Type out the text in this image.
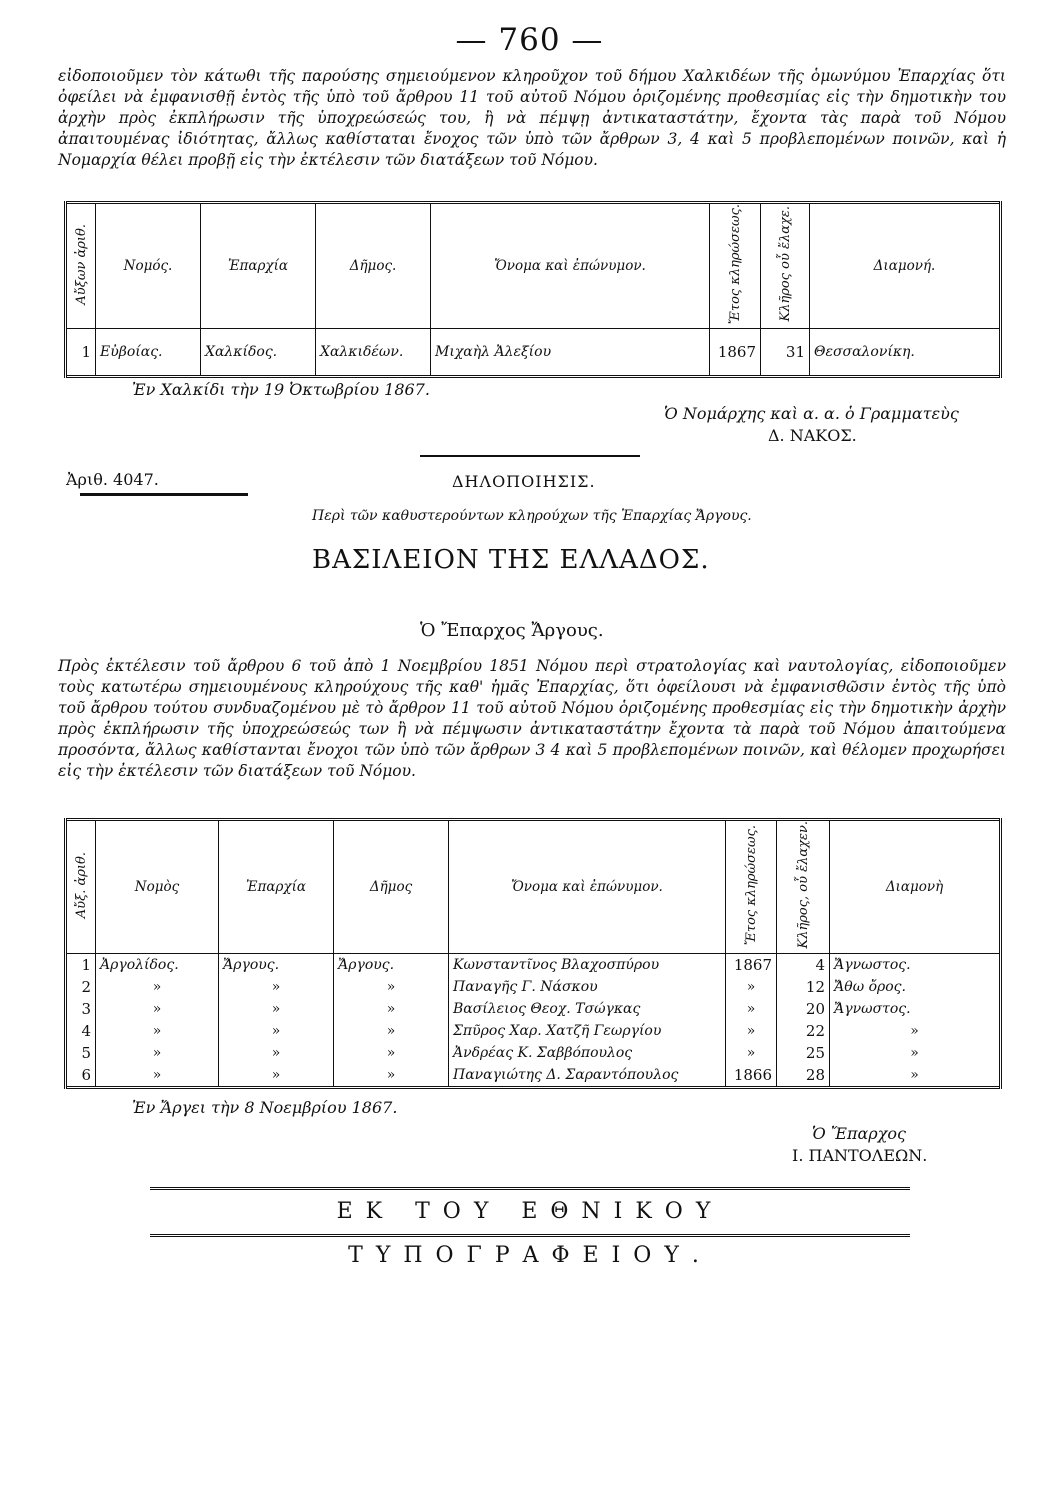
— 760 —

εἰδοποιοῦμεν τὸν κάτωθι τῆς παρούσης σημειούμενον κληροῦχον τοῦ δήμου Χαλκιδέων τῆς ὁμωνύμου Ἐπαρχίας ὅτι ὀφείλει νὰ ἐμφανισθῇ ἐντὸς τῆς ὑπὸ τοῦ ἄρθρου 11 τοῦ αὐτοῦ Νόμου ὁριζομένης προθεσμίας εἰς τὴν δημοτικὴν του ἀρχὴν πρὸς ἐκπλήρωσιν τῆς ὑποχρεώσεώς του, ἢ νὰ πέμψῃ ἀντικαταστάτην, ἔχοντα τὰς παρὰ τοῦ Νόμου ἀπαιτουμένας ἰδιότητας, ἄλλως καθίσταται ἔνοχος τῶν ὑπὸ τῶν ἄρθρων 3, 4 καὶ 5 προβλεπομένων ποινῶν, καὶ ἡ Νομαρχία θέλει προβῇ εἰς τὴν ἐκτέλεσιν τῶν διατάξεων τοῦ Νόμου.

Αὔξων ἀριθ.	Νομός.	Ἐπαρχία	Δῆμος.	Ὄνομα καὶ ἐπώνυμον.	Ἔτος κληρώσεως.	Κλῆρος οὗ ἔλαχε.	Διαμονή.
1	Εὐβοίας.	Χαλκίδος.	Χαλκιδέων.	Μιχαὴλ Ἀλεξίου	1867	31	Θεσσαλονίκη.

Ἐν Χαλκίδι τὴν 19 Ὀκτωβρίου 1867.

Ὁ Νομάρχης καὶ α. α. ὁ Γραμματεὺς

Δ. ΝΑΚΟΣ.

Ἀριθ. 4047.	ΔΗΛΟΠΟΙΗΣΙΣ.

Περὶ τῶν καθυστερούντων κληρούχων τῆς Ἐπαρχίας Ἄργους.

ΒΑΣΙΛΕΙΟΝ ΤΗΣ ΕΛΛΑΔΟΣ.

Ὁ Ἔπαρχος Ἄργους.

Πρὸς ἐκτέλεσιν τοῦ ἄρθρου 6 τοῦ ἀπὸ 1 Νοεμβρίου 1851 Νόμου περὶ στρατολογίας καὶ ναυτολογίας, εἰδοποιοῦμεν τοὺς κατωτέρω σημειουμένους κληρούχους τῆς καθ' ἡμᾶς Ἐπαρχίας, ὅτι ὀφείλουσι νὰ ἐμφανισθῶσιν ἐντὸς τῆς ὑπὸ τοῦ ἄρθρου τούτου συνδυαζομένου μὲ τὸ ἄρθρον 11 τοῦ αὐτοῦ Νόμου ὁριζομένης προθεσμίας εἰς τὴν δημοτικὴν ἀρχὴν πρὸς ἐκπλήρωσιν τῆς ὑποχρεώσεώς των ἢ νὰ πέμψωσιν ἀντικαταστάτην ἔχοντα τὰ παρὰ τοῦ Νόμου ἀπαιτούμενα προσόντα, ἄλλως καθίστανται ἔνοχοι τῶν ὑπὸ τῶν ἄρθρων 3 4 καὶ 5 προβλεπομένων ποινῶν, καὶ θέλομεν προχωρήσει εἰς τὴν ἐκτέλεσιν τῶν διατάξεων τοῦ Νόμου.

Αὔξ. ἀριθ.	Νομὸς	Ἐπαρχία	Δῆμος	Ὄνομα καὶ ἐπώνυμον.	Ἔτος κληρώσεως.	Κλῆρος, οὗ ἔλαχεν.	Διαμονὴ
1	Ἀργολίδος.	Ἄργους.	Ἄργους.	Κωνσταντῖνος Βλαχοσπύρου	1867	4	Ἄγνωστος.
2	»	»	»	Παναγῆς Γ. Νάσκου	»	12	Ἄθω ὄρος.
3	»	»	»	Βασίλειος Θεοχ. Τσώγκας	»	20	Ἄγνωστος.
4	»	»	»	Σπῦρος Χαρ. Χατζῆ Γεωργίου	»	22	»
5	»	»	»	Ἀνδρέας Κ. Σαββόπουλος	»	25	»
6	»	»	»	Παναγιώτης Δ. Σαραντόπουλος	1866	28	»

Ἐν Ἄργει τὴν 8 Νοεμβρίου 1867.

Ὁ Ἔπαρχος

Ι. ΠΑΝΤΟΛΕΩΝ.

ΕΚ ΤΟΥ ΕΘΝΙΚΟΥ ΤΥΠΟΓΡΑΦΕΙΟΥ.
